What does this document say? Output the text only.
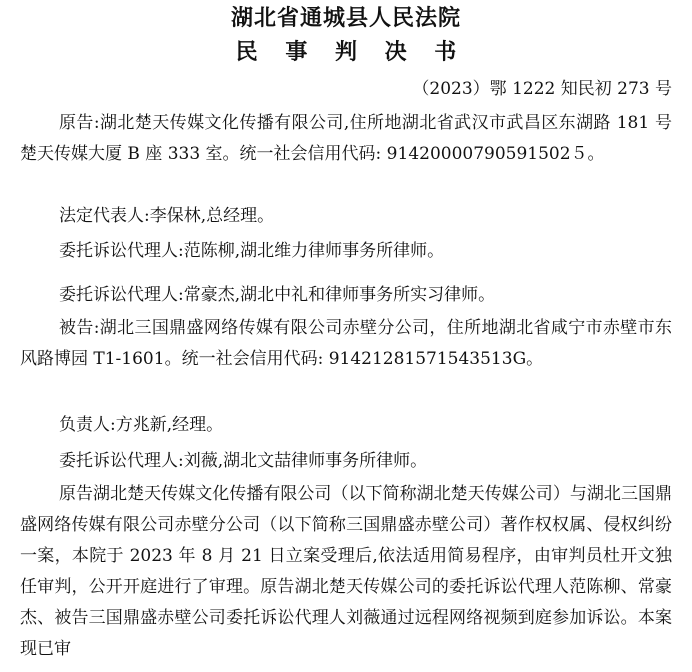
湖北省通城县人民法院
民 事 判 决 书
（2023）鄂 1222 知民初 273 号

原告:湖北楚天传媒文化传播有限公司,住所地湖北省武汉市武昌区东湖路 181 号楚天传媒大厦 B 座 333 室。统一社会信用代码: 91420000790591502５。

法定代表人:李保林,总经理。

委托诉讼代理人:范陈柳,湖北维力律师事务所律师。

委托诉讼代理人:常豪杰,湖北中礼和律师事务所实习律师。

被告:湖北三国鼎盛网络传媒有限公司赤壁分公司，住所地湖北省咸宁市赤壁市东风路博园 T1-1601。统一社会信用代码: 91421281571543513G。

负责人:方兆新,经理。

委托诉讼代理人:刘薇,湖北文喆律师事务所律师。

原告湖北楚天传媒文化传播有限公司（以下简称湖北楚天传媒公司）与湖北三国鼎盛网络传媒有限公司赤壁分公司（以下简称三国鼎盛赤壁公司）著作权权属、侵权纠纷一案，本院于 2023 年 8 月 21 日立案受理后,依法适用简易程序，由审判员杜开文独任审判，公开开庭进行了审理。原告湖北楚天传媒公司的委托诉讼代理人范陈柳、常豪杰、被告三国鼎盛赤壁公司委托诉讼代理人刘薇通过远程网络视频到庭参加诉讼。本案现已审
